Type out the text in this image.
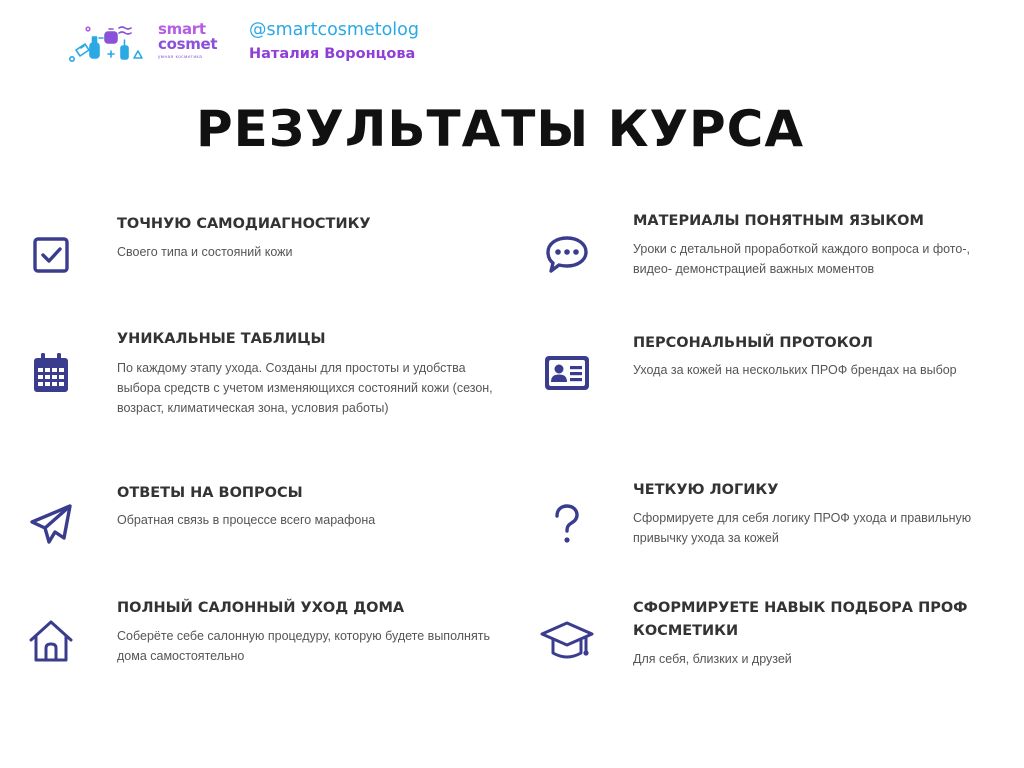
smart
cosmet
умная косметика
@smartcosmetolog
Наталия Воронцова
РЕЗУЛЬТАТЫ КУРСА
ТОЧНУЮ САМОДИАГНОСТИКУ
Своего типа и состояний кожи
МАТЕРИАЛЫ ПОНЯТНЫМ ЯЗЫКОМ
Уроки с детальной проработкой каждого вопроса и фото-, видео- демонстрацией важных моментов
УНИКАЛЬНЫЕ ТАБЛИЦЫ
По каждому этапу ухода. Созданы для простоты и удобства выбора средств с учетом изменяющихся состояний кожи (сезон, возраст, климатическая зона, условия работы)
ПЕРСОНАЛЬНЫЙ ПРОТОКОЛ
Ухода за кожей на нескольких ПРОФ брендах на выбор
ОТВЕТЫ НА ВОПРОСЫ
Обратная связь в процессе всего марафона
ЧЕТКУЮ ЛОГИКУ
Сформируете для себя логику ПРОФ ухода и правильную привычку ухода за кожей
ПОЛНЫЙ САЛОННЫЙ УХОД ДОМА
Соберёте себе салонную процедуру, которую будете выполнять дома самостоятельно
СФОРМИРУЕТЕ НАВЫК ПОДБОРА ПРОФ
КОСМЕТИКИ
Для себя, близких и друзей
